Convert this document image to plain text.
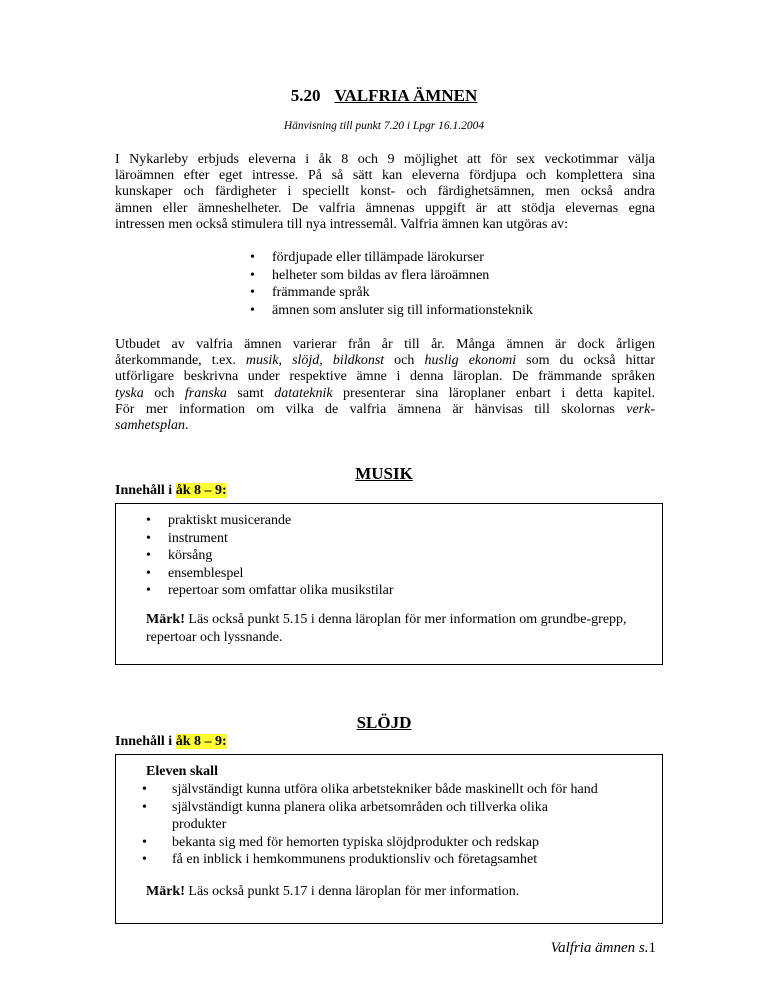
5.20 VALFRIA ÄMNEN
Hänvisning till punkt 7.20 i Lpgr 16.1.2004
I Nykarleby erbjuds eleverna i åk 8 och 9 möjlighet att för sex veckotimmar välja
läroämnen efter eget intresse. På så sätt kan eleverna fördjupa och komplettera sina
kunskaper och färdigheter i speciellt konst- och färdighetsämnen, men också andra
ämnen eller ämneshelheter. De valfria ämnenas uppgift är att stödja elevernas egna
intressen men också stimulera till nya intressemål. Valfria ämnen kan utgöras av:
• fördjupade eller tillämpade lärokurser
• helheter som bildas av flera läroämnen
• främmande språk
• ämnen som ansluter sig till informationsteknik
Utbudet av valfria ämnen varierar från år till år. Många ämnen är dock årligen
återkommande, t.ex. musik, slöjd, bildkonst och huslig ekonomi som du också hittar
utförligare beskrivna under respektive ämne i denna läroplan. De främmande språken
tyska och franska samt datateknik presenterar sina läroplaner enbart i detta kapitel.
För mer information om vilka de valfria ämnena är hänvisas till skolornas verk-
samhetsplan.
MUSIK
Innehåll i åk 8 – 9:
• praktiskt musicerande
• instrument
• körsång
• ensemblespel
• repertoar som omfattar olika musikstilar
Märk! Läs också punkt 5.15 i denna läroplan för mer information om grundbe-grepp, repertoar och lyssnande.
SLÖJD
Innehåll i åk 8 – 9:
Eleven skall
• självständigt kunna utföra olika arbetstekniker både maskinellt och för hand
• självständigt kunna planera olika arbetsområden och tillverka olika produkter
• bekanta sig med för hemorten typiska slöjdprodukter och redskap
• få en inblick i hemkommunens produktionsliv och företagsamhet
Märk! Läs också punkt 5.17 i denna läroplan för mer information.
Valfria ämnen s.1
